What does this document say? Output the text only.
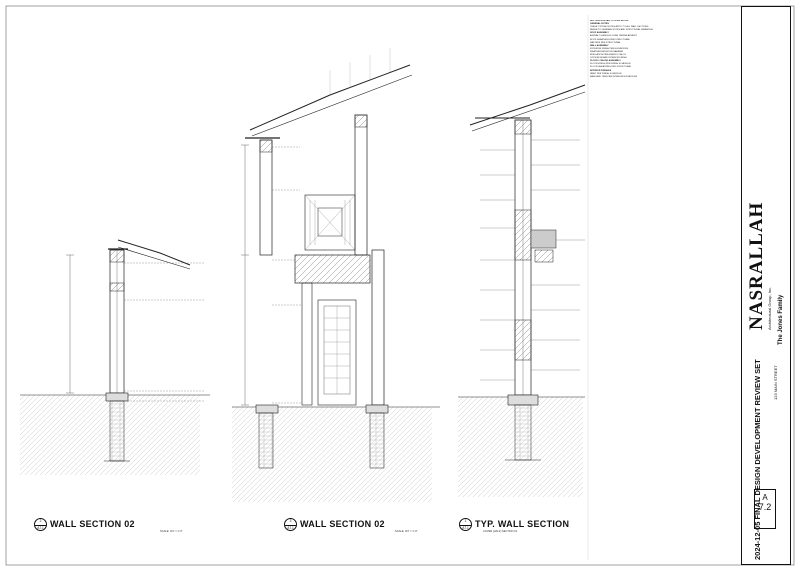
2
A7.1 WALL SECTION 02
SCALE: 3/4" = 1'-0"
3
A7.1 WALL SECTION 02
SCALE: 3/4" = 1'-0"
1
A7.1 TYP. WALL SECTION
COVER (HALF) SECTION 01
SECTION & DETAIL TYPICAL NOTES
GENERAL NOTES
THESE TYPICAL NOTES APPLY TO ALL WALL SECTIONS
REFER TO GENERAL NOTES AND STRUCTURAL DRAWINGS
ROOF ASSEMBLY
ASPHALT SHINGLES OVER UNDERLAYMENT
ROOF SHEATHING PER STRUCTURAL
RAFTERS PER STRUCTURAL
WALL ASSEMBLY
EXTERIOR FINISH PER ELEVATIONS
WEATHER RESISTIVE BARRIER
INSULATION PER ENERGY CALCS
GYPSUM BOARD INTERIOR FINISH
FLOOR / CEILING ASSEMBLY
FLOOR FINISH PER FINISH SCHEDULE
FLOOR SHEATHING PER STRUCTURAL
INTERIOR FINISHES
PAINT PER FINISH SCHEDULE
BASE AND TRIM PER INTERIOR ELEVATIONS
NASRALLAH Architectural Group, Inc.
123 MAIN STREET
The Jones Family
2024-12-05 FINAL DESIGN DEVELOPMENT REVIEW SET A
7.2
